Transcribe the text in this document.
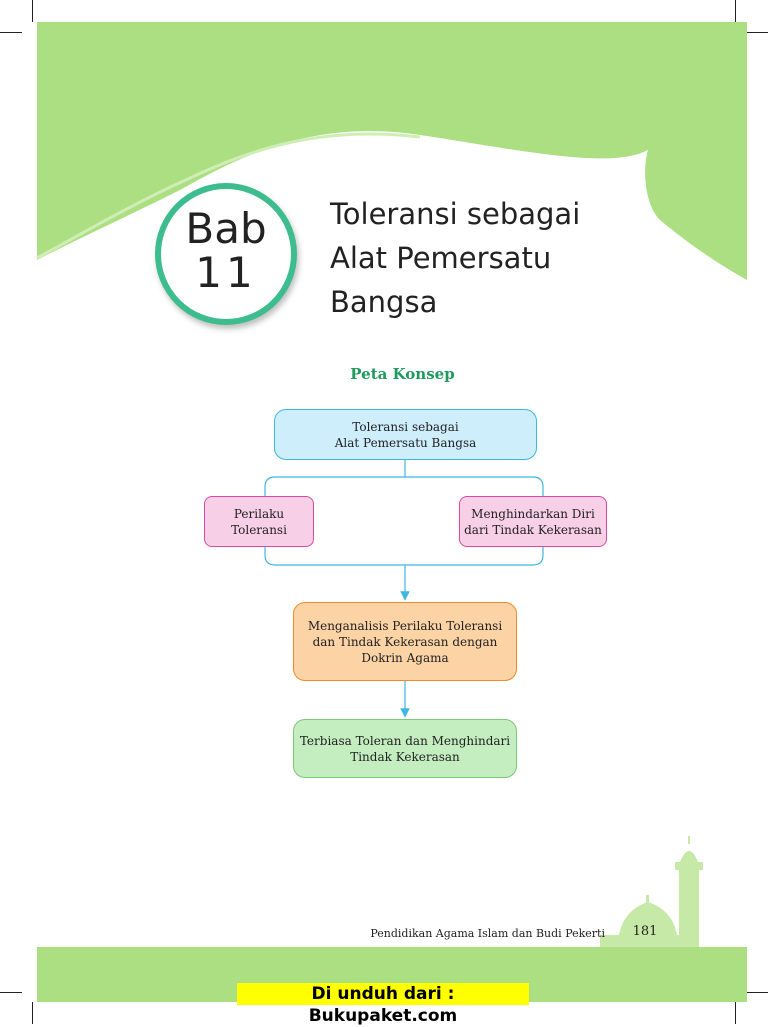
Bab
11
Toleransi sebagai
Alat Pemersatu
Bangsa
Peta Konsep
Toleransi sebagai
Alat Pemersatu Bangsa
Perilaku
Toleransi
Menghindarkan Diri
dari Tindak Kekerasan
Menganalisis Perilaku Toleransi
dan Tindak Kekerasan dengan
Dokrin Agama
Terbiasa Toleran dan Menghindari
Tindak Kekerasan
Pendidikan Agama Islam dan Budi Pekerti 181
Di unduh dari : Bukupaket.com
